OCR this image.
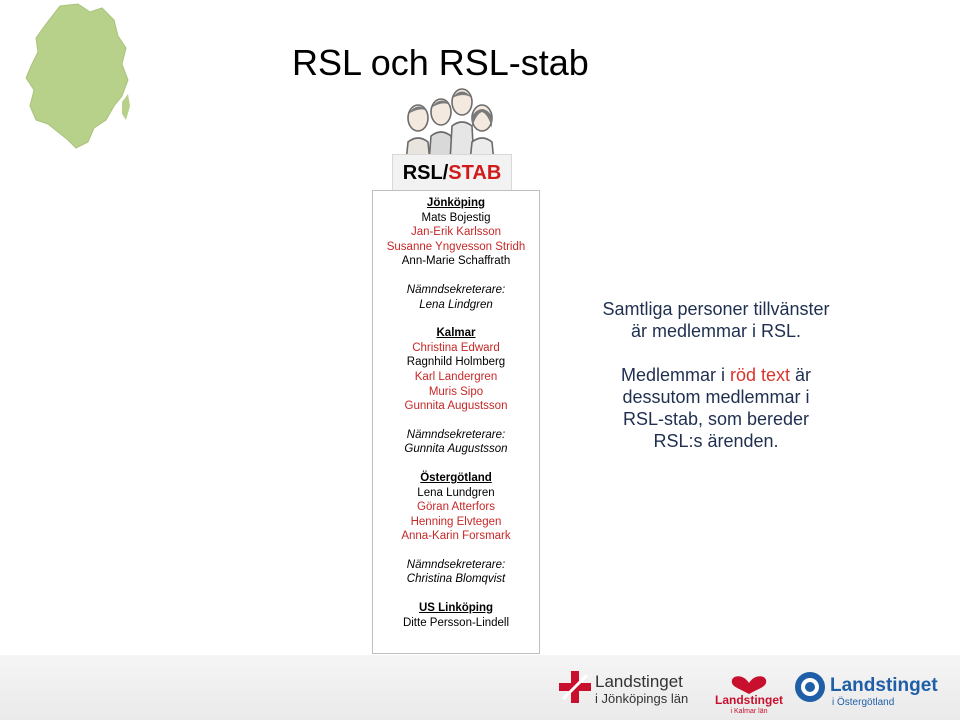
RSL och RSL-stab
RSL/STAB
Jönköping
Mats Bojestig
Jan-Erik Karlsson
Susanne Yngvesson Stridh
Ann-Marie Schaffrath
Nämndsekreterare:
Lena Lindgren
Kalmar
Christina Edward
Ragnhild Holmberg
Karl Landergren
Muris Sipo
Gunnita Augustsson
Nämndsekreterare:
Gunnita Augustsson
Östergötland
Lena Lundgren
Göran Atterfors
Henning Elvtegen
Anna-Karin Forsmark
Nämndsekreterare:
Christina Blomqvist
US Linköping
Ditte Persson-Lindell

Samtliga personer tillvänster är medlemmar i RSL.

Medlemmar i röd text är dessutom medlemmar i RSL-stab, som bereder RSL:s ärenden.

Landstinget
i Jönköpings län Landstinget
i Kalmar län
Landstinget
i Östergötland
